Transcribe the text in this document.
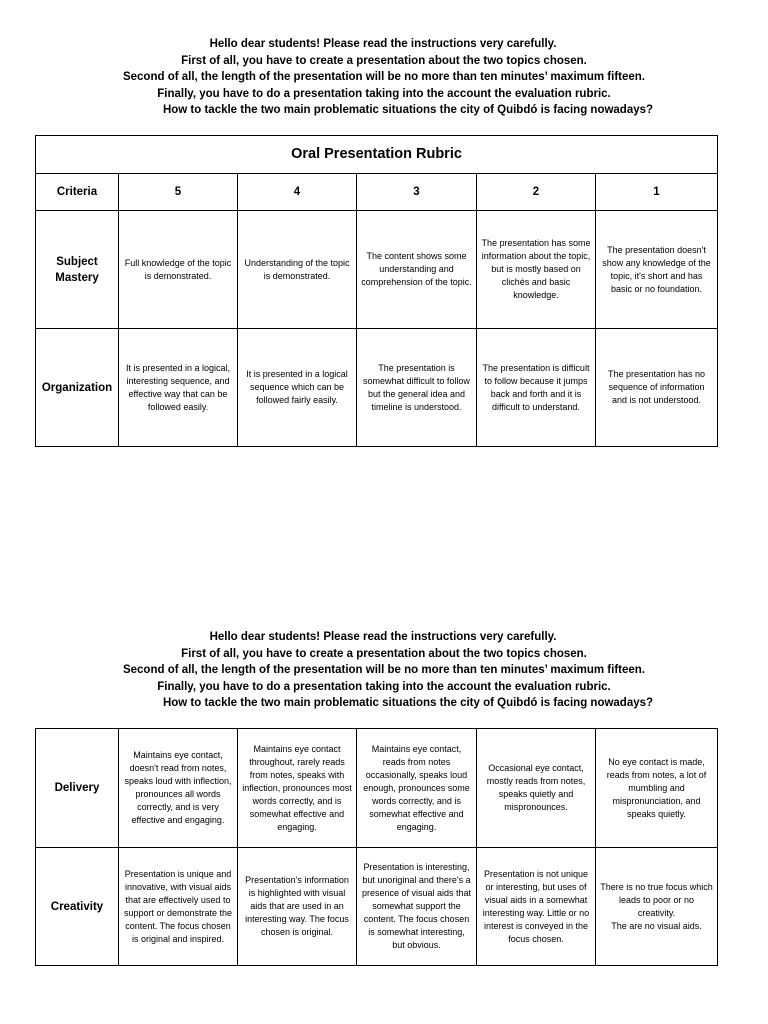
Hello dear students! Please read the instructions very carefully.
First of all, you have to create a presentation about the two topics chosen.
Second of all, the length of the presentation will be no more than ten minutes’ maximum fifteen.
Finally, you have to do a presentation taking into the account the evaluation rubric.
How to tackle the two main problematic situations the city of Quibdó is facing nowadays?
Oral Presentation Rubric					
Criteria	5	4	3	2	1
Subject Mastery	Full knowledge of the topic is demonstrated.	Understanding of the topic is demonstrated.	The content shows some understanding and comprehension of the topic.	The presentation has some information about the topic, but is mostly based on clichés and basic knowledge.	The presentation doesn't show any knowledge of the topic, it's short and has basic or no foundation.
Organization	It is presented in a logical, interesting sequence, and effective way that can be followed easily.	It is presented in a logical sequence which can be followed fairly easily.	The presentation is somewhat difficult to follow but the general idea and timeline is understood.	The presentation is difficult to follow because it jumps back and forth and it is difficult to understand.	The presentation has no sequence of information and is not understood.
Hello dear students! Please read the instructions very carefully.
First of all, you have to create a presentation about the two topics chosen.
Second of all, the length of the presentation will be no more than ten minutes’ maximum fifteen.
Finally, you have to do a presentation taking into the account the evaluation rubric.
How to tackle the two main problematic situations the city of Quibdó is facing nowadays?
Delivery	Maintains eye contact, doesn't read from notes, speaks loud with inflection, pronounces all words correctly, and is very effective and engaging.	Maintains eye contact throughout, rarely reads from notes, speaks with inflection, pronounces most words correctly, and is somewhat effective and engaging.	Maintains eye contact, reads from notes occasionally, speaks loud enough, pronounces some words correctly, and is somewhat effective and engaging.	Occasional eye contact, mostly reads from notes, speaks quietly and mispronounces.	No eye contact is made, reads from notes, a lot of mumbling and mispronunciation, and speaks quietly.
Creativity	Presentation is unique and innovative, with visual aids that are effectively used to support or demonstrate the content. The focus chosen is original and inspired.	Presentation's information is highlighted with visual aids that are used in an interesting way. The focus chosen is original.	Presentation is interesting, but unoriginal and there's a presence of visual aids that somewhat support the content. The focus chosen is somewhat interesting, but obvious.	Presentation is not unique or interesting, but uses of visual aids in a somewhat interesting way. Little or no interest is conveyed in the focus chosen.	There is no true focus which leads to poor or no creativity.
The are no visual aids.
